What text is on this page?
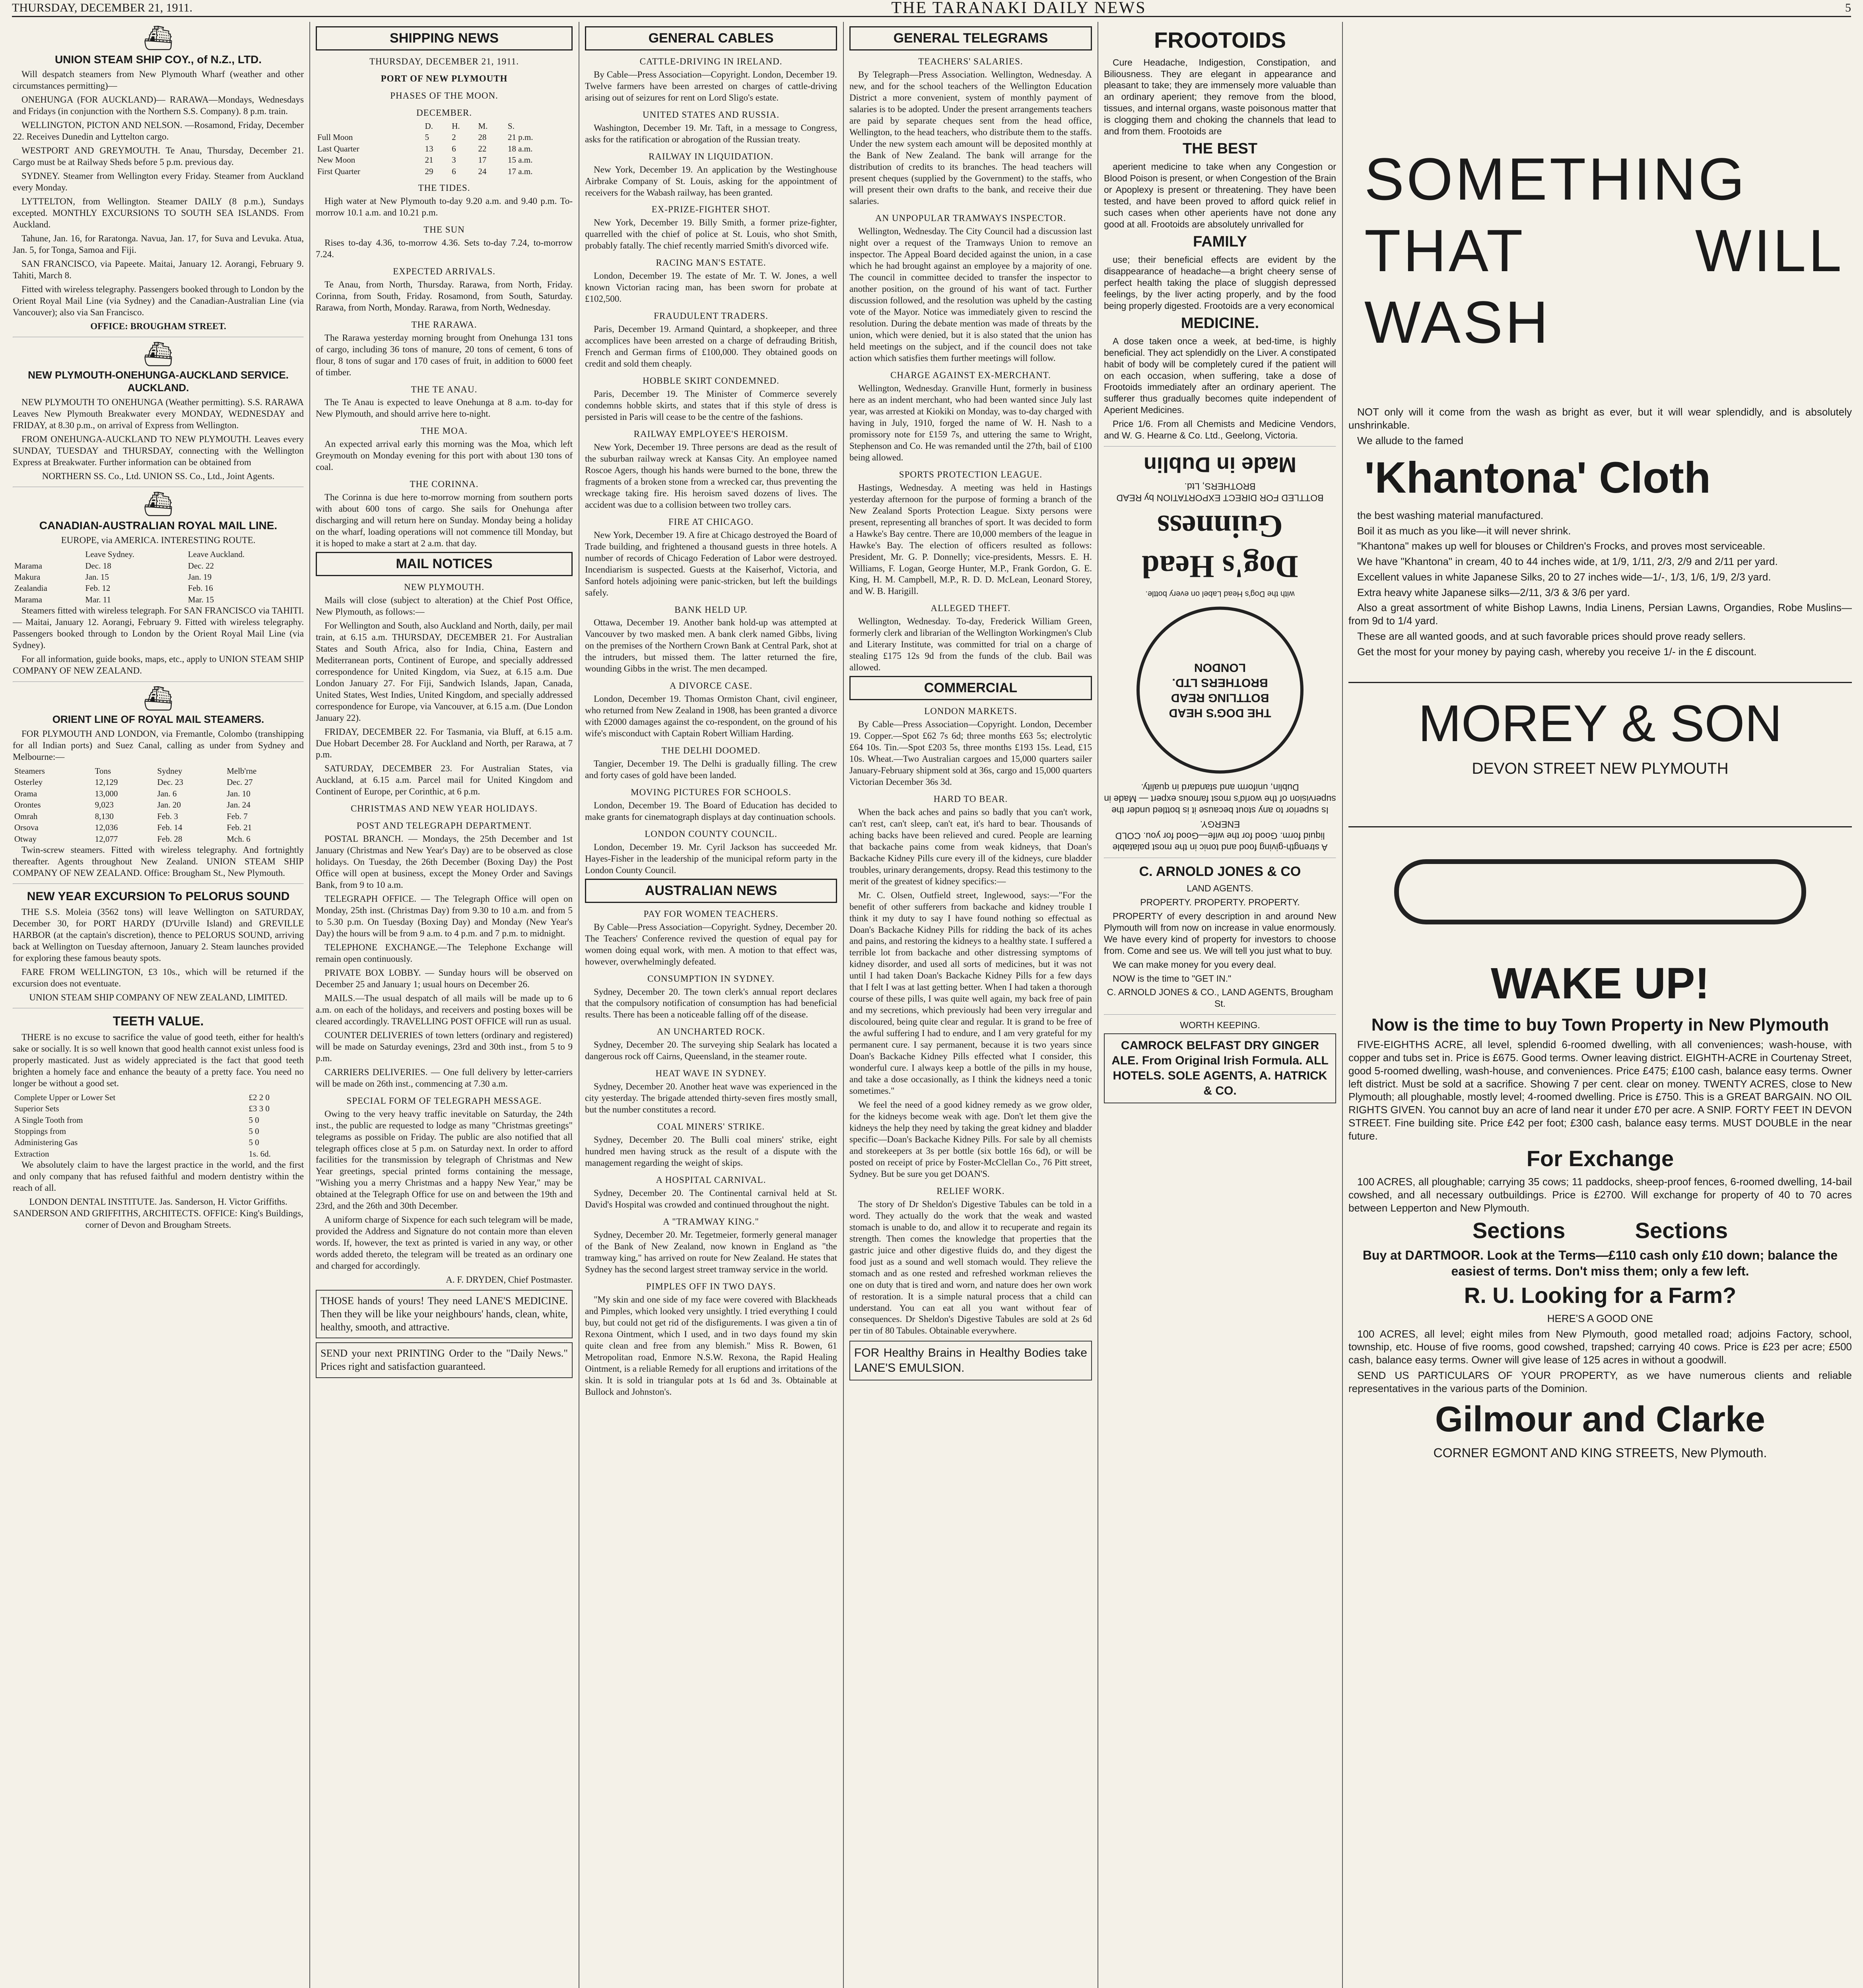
THURSDAY, DECEMBER 21, 1911.	THE TARANAKI DAILY NEWS	5
⛴
UNION STEAM SHIP COY., of N.Z., LTD.

Will despatch steamers from New Plymouth Wharf (weather and other circumstances permitting)—

ONEHUNGA (FOR AUCKLAND)— RARAWA—Mondays, Wednesdays and Fridays (in conjunction with the Northern S.S. Company). 8 p.m. train.

WELLINGTON, PICTON AND NELSON. —Rosamond, Friday, December 22. Receives Dunedin and Lyttelton cargo.

WESTPORT AND GREYMOUTH. Te Anau, Thursday, December 21. Cargo must be at Railway Sheds before 5 p.m. previous day.

SYDNEY. Steamer from Wellington every Friday. Steamer from Auckland every Monday.

LYTTELTON, from Wellington. Steamer DAILY (8 p.m.), Sundays excepted. MONTHLY EXCURSIONS TO SOUTH SEA ISLANDS. From Auckland.

Tahune, Jan. 16, for Raratonga. Navua, Jan. 17, for Suva and Levuka. Atua, Jan. 5, for Tonga, Samoa and Fiji.

SAN FRANCISCO, via Papeete. Maitai, January 12. Aorangi, February 9. Tahiti, March 8.

Fitted with wireless telegraphy. Passengers booked through to London by the Orient Royal Mail Line (via Sydney) and the Canadian-Australian Line (via Vancouver); also via San Francisco.

OFFICE: BROUGHAM STREET.

⛴
NEW PLYMOUTH-ONEHUNGA-AUCKLAND SERVICE. AUCKLAND.

NEW PLYMOUTH TO ONEHUNGA (Weather permitting). S.S. RARAWA Leaves New Plymouth Breakwater every MONDAY, WEDNESDAY and FRIDAY, at 8.30 p.m., on arrival of Express from Wellington.

FROM ONEHUNGA-AUCKLAND TO NEW PLYMOUTH. Leaves every SUNDAY, TUESDAY and THURSDAY, connecting with the Wellington Express at Breakwater. Further information can be obtained from

NORTHERN SS. Co., Ltd. UNION SS. Co., Ltd., Joint Agents.

⛴
CANADIAN-AUSTRALIAN ROYAL MAIL LINE.

EUROPE, via AMERICA. INTERESTING ROUTE.

	Leave Sydney.	Leave Auckland.
Marama	Dec. 18	Dec. 22
Makura	Jan. 15	Jan. 19
Zealandia	Feb. 12	Feb. 16
Marama	Mar. 11	Mar. 15

Steamers fitted with wireless telegraph. For SAN FRANCISCO via TAHITI.— Maitai, January 12. Aorangi, February 9. Fitted with wireless telegraphy. Passengers booked through to London by the Orient Royal Mail Line (via Sydney).

For all information, guide books, maps, etc., apply to UNION STEAM SHIP COMPANY OF NEW ZEALAND.

⛴
ORIENT LINE OF ROYAL MAIL STEAMERS.

FOR PLYMOUTH AND LONDON, via Fremantle, Colombo (transhipping for all Indian ports) and Suez Canal, calling as under from Sydney and Melbourne:—

Steamers	Tons	Sydney	Melb'rne
Osterley	12,129	Dec. 23	Dec. 27
Orama	13,000	Jan. 6	Jan. 10
Orontes	9,023	Jan. 20	Jan. 24
Omrah	8,130	Feb. 3	Feb. 7
Orsova	12,036	Feb. 14	Feb. 21
Otway	12,077	Feb. 28	Mch. 6

Twin-screw steamers. Fitted with wireless telegraphy. And fortnightly thereafter. Agents throughout New Zealand. UNION STEAM SHIP COMPANY OF NEW ZEALAND. Office: Brougham St., New Plymouth.

NEW YEAR EXCURSION To PELORUS SOUND

THE S.S. Moleia (3562 tons) will leave Wellington on SATURDAY, December 30, for PORT HARDY (D'Urville Island) and GREVILLE HARBOR (at the captain's discretion), thence to PELORUS SOUND, arriving back at Wellington on Tuesday afternoon, January 2. Steam launches provided for exploring these famous beauty spots.

FARE FROM WELLINGTON, £3 10s., which will be returned if the excursion does not eventuate.

UNION STEAM SHIP COMPANY OF NEW ZEALAND, LIMITED.

TEETH VALUE.

THERE is no excuse to sacrifice the value of good teeth, either for health's sake or socially. It is so well known that good health cannot exist unless food is properly masticated. Just as widely appreciated is the fact that good teeth brighten a homely face and enhance the beauty of a pretty face. You need no longer be without a good set.

Complete Upper or Lower Set	£2 2 0
Superior Sets	£3 3 0
A Single Tooth from	5 0
Stoppings from	5 0
Administering Gas	5 0
Extraction	1s. 6d.

We absolutely claim to have the largest practice in the world, and the first and only company that has refused faithful and modern dentistry within the reach of all.

LONDON DENTAL INSTITUTE. Jas. Sanderson, H. Victor Griffiths. SANDERSON AND GRIFFITHS, ARCHITECTS. OFFICE: King's Buildings, corner of Devon and Brougham Streets.

SHIPPING NEWS
THURSDAY, DECEMBER 21, 1911.
PORT OF NEW PLYMOUTH
PHASES OF THE MOON.
DECEMBER.
	D.	H.	M.	S.
Full Moon	5	2	28	21 p.m.
Last Quarter	13	6	22	18 a.m.
New Moon	21	3	17	15 a.m.
First Quarter	29	6	24	17 a.m.
THE TIDES.

High water at New Plymouth to-day 9.20 a.m. and 9.40 p.m. To-morrow 10.1 a.m. and 10.21 p.m.

THE SUN

Rises to-day 4.36, to-morrow 4.36. Sets to-day 7.24, to-morrow 7.24.

EXPECTED ARRIVALS.

Te Anau, from North, Thursday. Rarawa, from North, Friday. Corinna, from South, Friday. Rosamond, from South, Saturday. Rarawa, from North, Monday. Rarawa, from North, Wednesday.

THE RARAWA.

The Rarawa yesterday morning brought from Onehunga 131 tons of cargo, including 36 tons of manure, 20 tons of cement, 6 tons of flour, 8 tons of sugar and 170 cases of fruit, in addition to 6000 feet of timber.

THE TE ANAU.

The Te Anau is expected to leave Onehunga at 8 a.m. to-day for New Plymouth, and should arrive here to-night.

THE MOA.

An expected arrival early this morning was the Moa, which left Greymouth on Monday evening for this port with about 130 tons of coal.

THE CORINNA.

The Corinna is due here to-morrow morning from southern ports with about 600 tons of cargo. She sails for Onehunga after discharging and will return here on Sunday. Monday being a holiday on the wharf, loading operations will not commence till Monday, but it is hoped to make a start at 2 a.m. that day.

MAIL NOTICES
NEW PLYMOUTH.

Mails will close (subject to alteration) at the Chief Post Office, New Plymouth, as follows:—

For Wellington and South, also Auckland and North, daily, per mail train, at 6.15 a.m. THURSDAY, DECEMBER 21. For Australian States and South Africa, also for India, China, Eastern and Mediterranean ports, Continent of Europe, and specially addressed correspondence for United Kingdom, via Suez, at 6.15 a.m. Due London January 27. For Fiji, Sandwich Islands, Japan, Canada, United States, West Indies, United Kingdom, and specially addressed correspondence for Europe, via Vancouver, at 6.15 a.m. (Due London January 22).

FRIDAY, DECEMBER 22. For Tasmania, via Bluff, at 6.15 a.m. Due Hobart December 28. For Auckland and North, per Rarawa, at 7 p.m.

SATURDAY, DECEMBER 23. For Australian States, via Auckland, at 6.15 a.m. Parcel mail for United Kingdom and Continent of Europe, per Corinthic, at 6 p.m.

CHRISTMAS AND NEW YEAR HOLIDAYS.
POST AND TELEGRAPH DEPARTMENT.

POSTAL BRANCH. — Mondays, the 25th December and 1st January (Christmas and New Year's Day) are to be observed as close holidays. On Tuesday, the 26th December (Boxing Day) the Post Office will open at business, except the Money Order and Savings Bank, from 9 to 10 a.m.

TELEGRAPH OFFICE. — The Telegraph Office will open on Monday, 25th inst. (Christmas Day) from 9.30 to 10 a.m. and from 5 to 5.30 p.m. On Tuesday (Boxing Day) and Monday (New Year's Day) the hours will be from 9 a.m. to 4 p.m. and 7 p.m. to midnight.

TELEPHONE EXCHANGE.—The Telephone Exchange will remain open continuously.

PRIVATE BOX LOBBY. — Sunday hours will be observed on December 25 and January 1; usual hours on December 26.

MAILS.—The usual despatch of all mails will be made up to 6 a.m. on each of the holidays, and receivers and posting boxes will be cleared accordingly. TRAVELLING POST OFFICE will run as usual.

COUNTER DELIVERIES of town letters (ordinary and registered) will be made on Saturday evenings, 23rd and 30th inst., from 5 to 9 p.m.

CARRIERS DELIVERIES. — One full delivery by letter-carriers will be made on 26th inst., commencing at 7.30 a.m.

SPECIAL FORM OF TELEGRAPH MESSAGE.

Owing to the very heavy traffic inevitable on Saturday, the 24th inst., the public are requested to lodge as many "Christmas greetings" telegrams as possible on Friday. The public are also notified that all telegraph offices close at 5 p.m. on Saturday next. In order to afford facilities for the transmission by telegraph of Christmas and New Year greetings, special printed forms containing the message, "Wishing you a merry Christmas and a happy New Year," may be obtained at the Telegraph Office for use on and between the 19th and 23rd, and the 26th and 30th December.

A uniform charge of Sixpence for each such telegram will be made, provided the Address and Signature do not contain more than eleven words. If, however, the text as printed is varied in any way, or other words added thereto, the telegram will be treated as an ordinary one and charged for accordingly.

A. F. DRYDEN, Chief Postmaster.

THOSE hands of yours! They need LANE'S MEDICINE. Then they will be like your neighbours' hands, clean, white, healthy, smooth, and attractive.
SEND your next PRINTING Order to the "Daily News." Prices right and satisfaction guaranteed.
GENERAL CABLES
CATTLE-DRIVING IN IRELAND.

By Cable—Press Association—Copyright. London, December 19. Twelve farmers have been arrested on charges of cattle-driving arising out of seizures for rent on Lord Sligo's estate.

UNITED STATES AND RUSSIA.

Washington, December 19. Mr. Taft, in a message to Congress, asks for the ratification or abrogation of the Russian treaty.

RAILWAY IN LIQUIDATION.

New York, December 19. An application by the Westinghouse Airbrake Company of St. Louis, asking for the appointment of receivers for the Wabash railway, has been granted.

EX-PRIZE-FIGHTER SHOT.

New York, December 19. Billy Smith, a former prize-fighter, quarrelled with the chief of police at St. Louis, who shot Smith, probably fatally. The chief recently married Smith's divorced wife.

RACING MAN'S ESTATE.

London, December 19. The estate of Mr. T. W. Jones, a well known Victorian racing man, has been sworn for probate at £102,500.

FRAUDULENT TRADERS.

Paris, December 19. Armand Quintard, a shopkeeper, and three accomplices have been arrested on a charge of defrauding British, French and German firms of £100,000. They obtained goods on credit and sold them cheaply.

HOBBLE SKIRT CONDEMNED.

Paris, December 19. The Minister of Commerce severely condemns hobble skirts, and states that if this style of dress is persisted in Paris will cease to be the centre of the fashions.

RAILWAY EMPLOYEE'S HEROISM.

New York, December 19. Three persons are dead as the result of the suburban railway wreck at Kansas City. An employee named Roscoe Agers, though his hands were burned to the bone, threw the fragments of a broken stone from a wrecked car, thus preventing the wreckage taking fire. His heroism saved dozens of lives. The accident was due to a collision between two trolley cars.

FIRE AT CHICAGO.

New York, December 19. A fire at Chicago destroyed the Board of Trade building, and frightened a thousand guests in three hotels. A number of records of Chicago Federation of Labor were destroyed. Incendiarism is suspected. Guests at the Kaiserhof, Victoria, and Sanford hotels adjoining were panic-stricken, but left the buildings safely.

BANK HELD UP.

Ottawa, December 19. Another bank hold-up was attempted at Vancouver by two masked men. A bank clerk named Gibbs, living on the premises of the Northern Crown Bank at Central Park, shot at the intruders, but missed them. The latter returned the fire, wounding Gibbs in the wrist. The men decamped.

A DIVORCE CASE.

London, December 19. Thomas Ormiston Chant, civil engineer, who returned from New Zealand in 1908, has been granted a divorce with £2000 damages against the co-respondent, on the ground of his wife's misconduct with Captain Robert William Harding.

THE DELHI DOOMED.

Tangier, December 19. The Delhi is gradually filling. The crew and forty cases of gold have been landed.

MOVING PICTURES FOR SCHOOLS.

London, December 19. The Board of Education has decided to make grants for cinematograph displays at day continuation schools.

LONDON COUNTY COUNCIL.

London, December 19. Mr. Cyril Jackson has succeeded Mr. Hayes-Fisher in the leadership of the municipal reform party in the London County Council.

AUSTRALIAN NEWS
PAY FOR WOMEN TEACHERS.

By Cable—Press Association—Copyright. Sydney, December 20. The Teachers' Conference revived the question of equal pay for women doing equal work, with men. A motion to that effect was, however, overwhelmingly defeated.

CONSUMPTION IN SYDNEY.

Sydney, December 20. The town clerk's annual report declares that the compulsory notification of consumption has had beneficial results. There has been a noticeable falling off of the disease.

AN UNCHARTED ROCK.

Sydney, December 20. The surveying ship Sealark has located a dangerous rock off Cairns, Queensland, in the steamer route.

HEAT WAVE IN SYDNEY.

Sydney, December 20. Another heat wave was experienced in the city yesterday. The brigade attended thirty-seven fires mostly small, but the number constitutes a record.

COAL MINERS' STRIKE.

Sydney, December 20. The Bulli coal miners' strike, eight hundred men having struck as the result of a dispute with the management regarding the weight of skips.

A HOSPITAL CARNIVAL.

Sydney, December 20. The Continental carnival held at St. David's Hospital was crowded and continued throughout the night.

A "TRAMWAY KING."

Sydney, December 20. Mr. Tegetmeier, formerly general manager of the Bank of New Zealand, now known in England as "the tramway king," has arrived on route for New Zealand. He states that Sydney has the second largest street tramway service in the world.

PIMPLES OFF IN TWO DAYS.

"My skin and one side of my face were covered with Blackheads and Pimples, which looked very unsightly. I tried everything I could buy, but could not get rid of the disfigurements. I was given a tin of Rexona Ointment, which I used, and in two days found my skin quite clean and free from any blemish." Miss R. Bowen, 61 Metropolitan road, Enmore N.S.W. Rexona, the Rapid Healing Ointment, is a reliable Remedy for all eruptions and irritations of the skin. It is sold in triangular pots at 1s 6d and 3s. Obtainable at Bullock and Johnston's.

GENERAL TELEGRAMS
TEACHERS' SALARIES.

By Telegraph—Press Association. Wellington, Wednesday. A new, and for the school teachers of the Wellington Education District a more convenient, system of monthly payment of salaries is to be adopted. Under the present arrangements teachers are paid by separate cheques sent from the head office, Wellington, to the head teachers, who distribute them to the staffs. Under the new system each amount will be deposited monthly at the Bank of New Zealand. The bank will arrange for the distribution of credits to its branches. The head teachers will present cheques (supplied by the Government) to the staffs, who will present their own drafts to the bank, and receive their due salaries.

AN UNPOPULAR TRAMWAYS INSPECTOR.

Wellington, Wednesday. The City Council had a discussion last night over a request of the Tramways Union to remove an inspector. The Appeal Board decided against the union, in a case which he had brought against an employee by a majority of one. The council in committee decided to transfer the inspector to another position, on the ground of his want of tact. Further discussion followed, and the resolution was upheld by the casting vote of the Mayor. Notice was immediately given to rescind the resolution. During the debate mention was made of threats by the union, which were denied, but it is also stated that the union has held meetings on the subject, and if the council does not take action which satisfies them further meetings will follow.

CHARGE AGAINST EX-MERCHANT.

Wellington, Wednesday. Granville Hunt, formerly in business here as an indent merchant, who had been wanted since July last year, was arrested at Kiokiki on Monday, was to-day charged with having in July, 1910, forged the name of W. H. Nash to a promissory note for £159 7s, and uttering the same to Wright, Stephenson and Co. He was remanded until the 27th, bail of £100 being allowed.

SPORTS PROTECTION LEAGUE.

Hastings, Wednesday. A meeting was held in Hastings yesterday afternoon for the purpose of forming a branch of the New Zealand Sports Protection League. Sixty persons were present, representing all branches of sport. It was decided to form a Hawke's Bay centre. There are 10,000 members of the league in Hawke's Bay. The election of officers resulted as follows: President, Mr. G. P. Donnelly; vice-presidents, Messrs. E. H. Williams, F. Logan, George Hunter, M.P., Frank Gordon, G. E. King, H. M. Campbell, M.P., R. D. D. McLean, Leonard Storey, and W. B. Harigill.

ALLEGED THEFT.

Wellington, Wednesday. To-day, Frederick William Green, formerly clerk and librarian of the Wellington Workingmen's Club and Literary Institute, was committed for trial on a charge of stealing £175 12s 9d from the funds of the club. Bail was allowed.

COMMERCIAL
LONDON MARKETS.

By Cable—Press Association—Copyright. London, December 19. Copper.—Spot £62 7s 6d; three months £63 5s; electrolytic £64 10s. Tin.—Spot £203 5s, three months £193 15s. Lead, £15 10s. Wheat.—Two Australian cargoes and 15,000 quarters sailer January-February shipment sold at 36s, cargo and 15,000 quarters Victorian December 36s 3d.

HARD TO BEAR.

When the back aches and pains so badly that you can't work, can't rest, can't sleep, can't eat, it's hard to bear. Thousands of aching backs have been relieved and cured. People are learning that backache pains come from weak kidneys, that Doan's Backache Kidney Pills cure every ill of the kidneys, cure bladder troubles, urinary derangements, dropsy. Read this testimony to the merit of the greatest of kidney specifics:—

Mr. C. Olsen, Outfield street, Inglewood, says:—"For the benefit of other sufferers from backache and kidney trouble I think it my duty to say I have found nothing so effectual as Doan's Backache Kidney Pills for ridding the back of its aches and pains, and restoring the kidneys to a healthy state. I suffered a terrible lot from backache and other distressing symptoms of kidney disorder, and used all sorts of medicines, but it was not until I had taken Doan's Backache Kidney Pills for a few days that I felt I was at last getting better. When I had taken a thorough course of these pills, I was quite well again, my back free of pain and my secretions, which previously had been very irregular and discoloured, being quite clear and regular. It is grand to be free of the awful suffering I had to endure, and I am very grateful for my permanent cure. I say permanent, because it is two years since Doan's Backache Kidney Pills effected what I consider, this wonderful cure. I always keep a bottle of the pills in my house, and take a dose occasionally, as I think the kidneys need a tonic sometimes."

We feel the need of a good kidney remedy as we grow older, for the kidneys become weak with age. Don't let them give the kidneys the help they need by taking the great kidney and bladder specific—Doan's Backache Kidney Pills. For sale by all chemists and storekeepers at 3s per bottle (six bottle 16s 6d), or will be posted on receipt of price by Foster-McClellan Co., 76 Pitt street, Sydney. But be sure you get DOAN'S.

RELIEF WORK.

The story of Dr Sheldon's Digestive Tabules can be told in a word. They actually do the work that the weak and wasted stomach is unable to do, and allow it to recuperate and regain its strength. Then comes the knowledge that properties that the gastric juice and other digestive fluids do, and they digest the food just as a sound and well stomach would. They relieve the stomach and as one rested and refreshed workman relieves the one on duty that is tired and worn, and nature does her own work of restoration. It is a simple natural process that a child can understand. You can eat all you want without fear of consequences. Dr Sheldon's Digestive Tabules are sold at 2s 6d per tin of 80 Tabules. Obtainable everywhere.

FOR Healthy Brains in Healthy Bodies take LANE'S EMULSION.
FROOTOIDS

Cure Headache, Indigestion, Constipation, and Biliousness. They are elegant in appearance and pleasant to take; they are immensely more valuable than an ordinary aperient; they remove from the blood, tissues, and internal organs, waste poisonous matter that is clogging them and choking the channels that lead to and from them. Frootoids are

THE BEST

aperient medicine to take when any Congestion or Blood Poison is present, or when Congestion of the Brain or Apoplexy is present or threatening. They have been tested, and have been proved to afford quick relief in such cases when other aperients have not done any good at all. Frootoids are absolutely unrivalled for

FAMILY

use; their beneficial effects are evident by the disappearance of headache—a bright cheery sense of perfect health taking the place of sluggish depressed feelings, by the liver acting properly, and by the food being properly digested. Frootoids are a very economical

MEDICINE.

A dose taken once a week, at bed-time, is highly beneficial. They act splendidly on the Liver. A constipated habit of body will be completely cured if the patient will on each occasion, when suffering, take a dose of Frootoids immediately after an ordinary aperient. The sufferer thus gradually becomes quite independent of Aperient Medicines.

Price 1/6. From all Chemists and Medicine Vendors, and W. G. Hearne & Co. Ltd., Geelong, Victoria.

A strength-giving food and tonic in the most palatable liquid form. Good for the wife—Good for you. COLD ENERGY.

Is superior to any stout because it is bottled under the supervision of the world's most famous expert — Made in Dublin, uniform and standard in quality.

THE DOG'S HEAD BOTTLING READ BROTHERS LTD. LONDON

with the Dog's Head Label on every bottle.

Dog's Head Guinness

BOTTLED FOR DIRECT EXPORTATION by READ BROTHERS, Ltd.

Made in Dublin
C. ARNOLD JONES & CO

LAND AGENTS.

PROPERTY. PROPERTY. PROPERTY.

PROPERTY of every description in and around New Plymouth will from now on increase in value enormously. We have every kind of property for investors to choose from. Come and see us. We will tell you just what to buy.

We can make money for you every deal.

NOW is the time to "GET IN."

C. ARNOLD JONES & CO., LAND AGENTS, Brougham St.

WORTH KEEPING.

CAMROCK BELFAST DRY GINGER ALE. From Original Irish Formula. ALL HOTELS. SOLE AGENTS, A. HATRICK & CO.
SOMETHING THAT WILL WASH

NOT only will it come from the wash as bright as ever, but it will wear splendidly, and is absolutely unshrinkable.

We allude to the famed

'Khantona' Cloth

the best washing material manufactured.

Boil it as much as you like—it will never shrink.

"Khantona" makes up well for blouses or Children's Frocks, and proves most serviceable.

We have "Khantona" in cream, 40 to 44 inches wide, at 1/9, 1/11, 2/3, 2/9 and 2/11 per yard.

Excellent values in white Japanese Silks, 20 to 27 inches wide—1/-, 1/3, 1/6, 1/9, 2/3 yard.

Extra heavy white Japanese silks—2/11, 3/3 & 3/6 per yard.

Also a great assortment of white Bishop Lawns, India Linens, Persian Lawns, Organdies, Robe Muslins—from 9d to 1/4 yard.

These are all wanted goods, and at such favorable prices should prove ready sellers.

Get the most for your money by paying cash, whereby you receive 1/- in the £ discount.

MOREY & SON

DEVON STREET NEW PLYMOUTH

WAKE UP!
Now is the time to buy Town Property in New Plymouth

FIVE-EIGHTHS ACRE, all level, splendid 6-roomed dwelling, with all conveniences; wash-house, with copper and tubs set in. Price is £675. Good terms. Owner leaving district. EIGHTH-ACRE in Courtenay Street, good 5-roomed dwelling, wash-house, and conveniences. Price £475; £100 cash, balance easy terms. Owner left district. Must be sold at a sacrifice. Showing 7 per cent. clear on money. TWENTY ACRES, close to New Plymouth; all ploughable, mostly level; 4-roomed dwelling. Price is £750. This is a GREAT BARGAIN. NO OIL RIGHTS GIVEN. You cannot buy an acre of land near it under £70 per acre. A SNIP. FORTY FEET IN DEVON STREET. Fine building site. Price £42 per foot; £300 cash, balance easy terms. MUST DOUBLE in the near future.

For Exchange

100 ACRES, all ploughable; carrying 35 cows; 11 paddocks, sheep-proof fences, 6-roomed dwelling, 14-bail cowshed, and all necessary outbuildings. Price is £2700. Will exchange for property of 40 to 70 acres between Lepperton and New Plymouth.

Sections Sections

Buy at DARTMOOR. Look at the Terms—£110 cash only £10 down; balance the easiest of terms. Don't miss them; only a few left.

R. U. Looking for a Farm?

HERE'S A GOOD ONE

100 ACRES, all level; eight miles from New Plymouth, good metalled road; adjoins Factory, school, township, etc. House of five rooms, good cowshed, trapshed; carrying 40 cows. Price is £23 per acre; £500 cash, balance easy terms. Owner will give lease of 125 acres in without a goodwill.

SEND US PARTICULARS OF YOUR PROPERTY, as we have numerous clients and reliable representatives in the various parts of the Dominion.

Gilmour and Clarke

CORNER EGMONT AND KING STREETS, New Plymouth.
